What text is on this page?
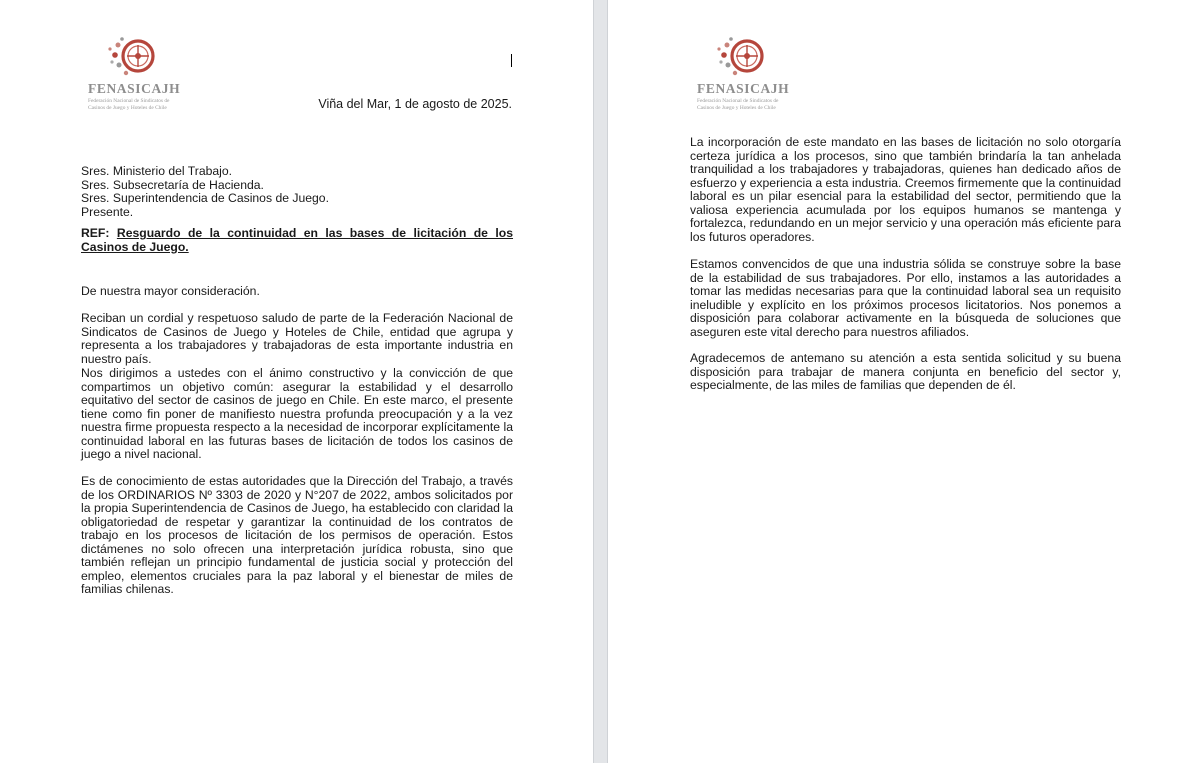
FENASICAJH
Federación Nacional de Sindicatos de
Casinos de Juego y Hoteles de Chile	Viña del Mar, 1 de agosto de 2025.
Sres. Ministerio del Trabajo.
Sres. Subsecretaría de Hacienda.
Sres. Superintendencia de Casinos de Juego.
Presente.
REF: Resguardo de la continuidad en las bases de licitación de los Casinos de Juego.
De nuestra mayor consideración.
Reciban un cordial y respetuoso saludo de parte de la Federación Nacional de Sindicatos de Casinos de Juego y Hoteles de Chile, entidad que agrupa y representa a los trabajadores y trabajadoras de esta importante industria en nuestro país.
Nos dirigimos a ustedes con el ánimo constructivo y la convicción de que compartimos un objetivo común: asegurar la estabilidad y el desarrollo equitativo del sector de casinos de juego en Chile. En este marco, el presente tiene como fin poner de manifiesto nuestra profunda preocupación y a la vez nuestra firme propuesta respecto a la necesidad de incorporar explícitamente la continuidad laboral en las futuras bases de licitación de todos los casinos de juego a nivel nacional.
Es de conocimiento de estas autoridades que la Dirección del Trabajo, a través de los ORDINARIOS Nº 3303 de 2020 y N°207 de 2022, ambos solicitados por la propia Superintendencia de Casinos de Juego, ha establecido con claridad la obligatoriedad de respetar y garantizar la continuidad de los contratos de trabajo en los procesos de licitación de los permisos de operación. Estos dictámenes no solo ofrecen una interpretación jurídica robusta, sino que también reflejan un principio fundamental de justicia social y protección del empleo, elementos cruciales para la paz laboral y el bienestar de miles de familias chilenas.
FENASICAJH
Federación Nacional de Sindicatos de
Casinos de Juego y Hoteles de Chile
La incorporación de este mandato en las bases de licitación no solo otorgaría certeza jurídica a los procesos, sino que también brindaría la tan anhelada tranquilidad a los trabajadores y trabajadoras, quienes han dedicado años de esfuerzo y experiencia a esta industria. Creemos firmemente que la continuidad laboral es un pilar esencial para la estabilidad del sector, permitiendo que la valiosa experiencia acumulada por los equipos humanos se mantenga y fortalezca, redundando en un mejor servicio y una operación más eficiente para los futuros operadores.
Estamos convencidos de que una industria sólida se construye sobre la base de la estabilidad de sus trabajadores. Por ello, instamos a las autoridades a tomar las medidas necesarias para que la continuidad laboral sea un requisito ineludible y explícito en los próximos procesos licitatorios. Nos ponemos a disposición para colaborar activamente en la búsqueda de soluciones que aseguren este vital derecho para nuestros afiliados.
Agradecemos de antemano su atención a esta sentida solicitud y su buena disposición para trabajar de manera conjunta en beneficio del sector y, especialmente, de las miles de familias que dependen de él.
